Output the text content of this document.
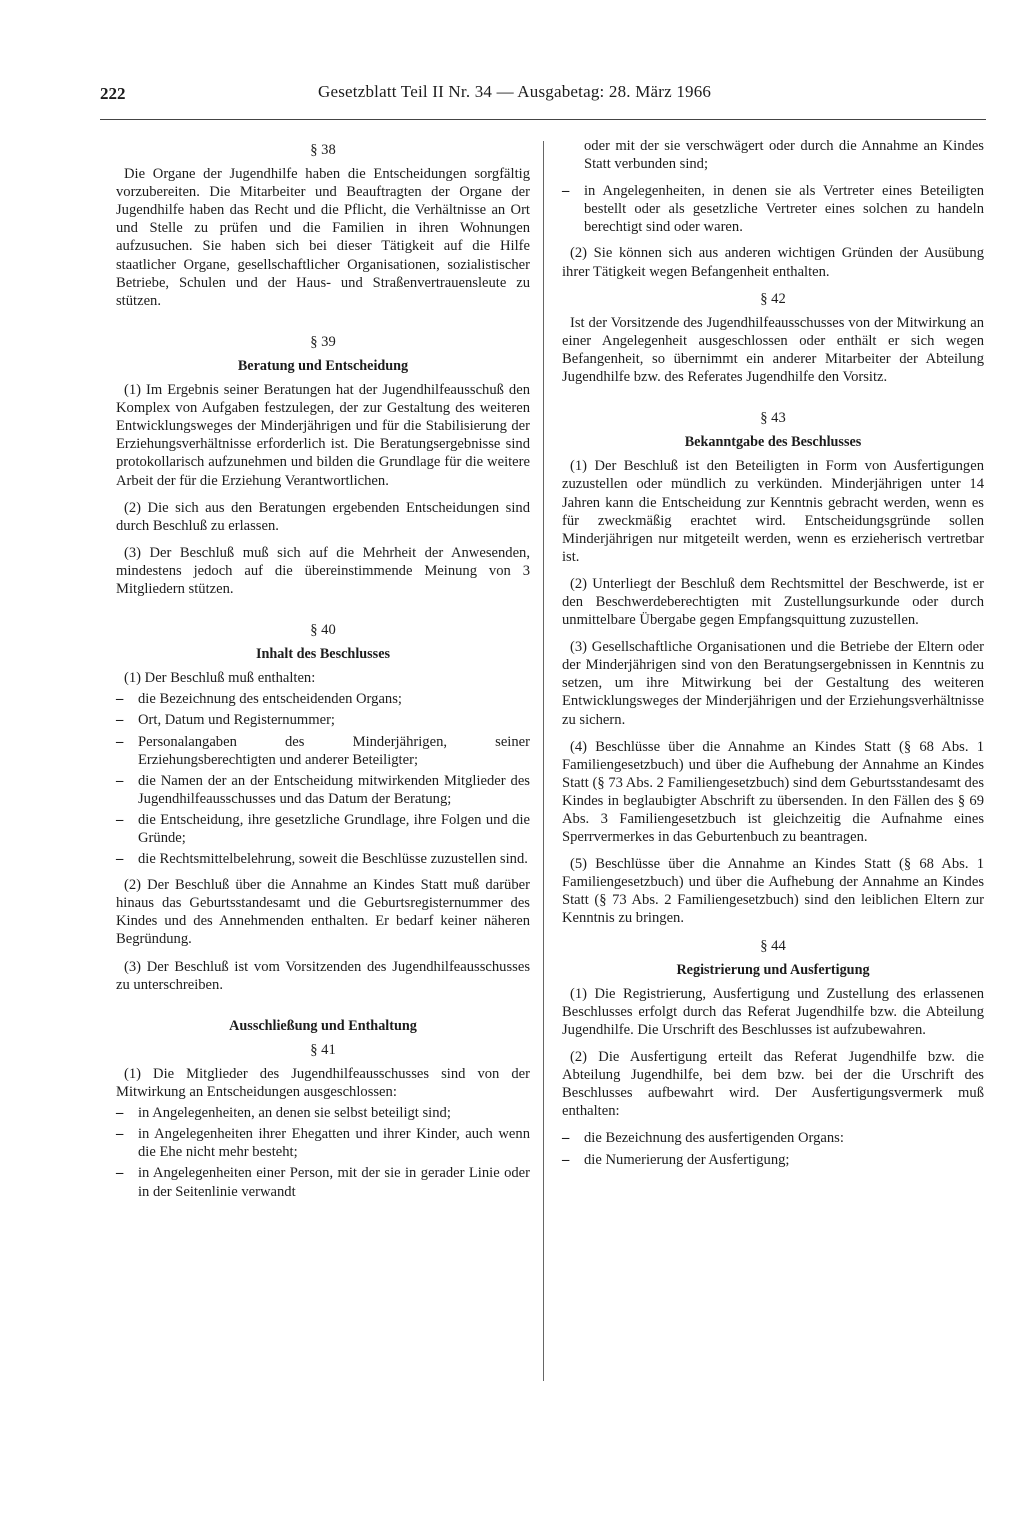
222	Gesetzblatt Teil II Nr. 34 — Ausgabetag: 28. März 1966
§ 38

Die Organe der Jugendhilfe haben die Entscheidungen sorgfältig vorzubereiten. Die Mitarbeiter und Beauftragten der Organe der Jugendhilfe haben das Recht und die Pflicht, die Verhältnisse an Ort und Stelle zu prüfen und die Familien in ihren Wohnungen aufzusuchen. Sie haben sich bei dieser Tätigkeit auf die Hilfe staatlicher Organe, gesellschaftlicher Organisationen, sozialistischer Betriebe, Schulen und der Haus- und Straßenvertrauensleute zu stützen.

§ 39
Beratung und Entscheidung

(1) Im Ergebnis seiner Beratungen hat der Jugendhilfeausschuß den Komplex von Aufgaben festzulegen, der zur Gestaltung des weiteren Entwicklungsweges der Minderjährigen und für die Stabilisierung der Erziehungsverhältnisse erforderlich ist. Die Beratungsergebnisse sind protokollarisch aufzunehmen und bilden die Grundlage für die weitere Arbeit der für die Erziehung Verantwortlichen.

(2) Die sich aus den Beratungen ergebenden Entscheidungen sind durch Beschluß zu erlassen.

(3) Der Beschluß muß sich auf die Mehrheit der Anwesenden, mindestens jedoch auf die übereinstimmende Meinung von 3 Mitgliedern stützen.

§ 40
Inhalt des Beschlusses

(1) Der Beschluß muß enthalten:

– die Bezeichnung des entscheidenden Organs;
– Ort, Datum und Registernummer;
– Personalangaben des Minderjährigen, seiner Erziehungsberechtigten und anderer Beteiligter;
– die Namen der an der Entscheidung mitwirkenden Mitglieder des Jugendhilfeausschusses und das Datum der Beratung;
– die Entscheidung, ihre gesetzliche Grundlage, ihre Folgen und die Gründe;
– die Rechtsmittelbelehrung, soweit die Beschlüsse zuzustellen sind.

(2) Der Beschluß über die Annahme an Kindes Statt muß darüber hinaus das Geburtsstandesamt und die Geburtsregisternummer des Kindes und des Annehmenden enthalten. Er bedarf keiner näheren Begründung.

(3) Der Beschluß ist vom Vorsitzenden des Jugendhilfeausschusses zu unterschreiben.

Ausschließung und Enthaltung
§ 41

(1) Die Mitglieder des Jugendhilfeausschusses sind von der Mitwirkung an Entscheidungen ausgeschlossen:

– in Angelegenheiten, an denen sie selbst beteiligt sind;
– in Angelegenheiten ihrer Ehegatten und ihrer Kinder, auch wenn die Ehe nicht mehr besteht;
– in Angelegenheiten einer Person, mit der sie in gerader Linie oder in der Seitenlinie verwandt

oder mit der sie verschwägert oder durch die Annahme an Kindes Statt verbunden sind;

– in Angelegenheiten, in denen sie als Vertreter eines Beteiligten bestellt oder als gesetzliche Vertreter eines solchen zu handeln berechtigt sind oder waren.

(2) Sie können sich aus anderen wichtigen Gründen der Ausübung ihrer Tätigkeit wegen Befangenheit enthalten.

§ 42

Ist der Vorsitzende des Jugendhilfeausschusses von der Mitwirkung an einer Angelegenheit ausgeschlossen oder enthält er sich wegen Befangenheit, so übernimmt ein anderer Mitarbeiter der Abteilung Jugendhilfe bzw. des Referates Jugendhilfe den Vorsitz.

§ 43
Bekanntgabe des Beschlusses

(1) Der Beschluß ist den Beteiligten in Form von Ausfertigungen zuzustellen oder mündlich zu verkünden. Minderjährigen unter 14 Jahren kann die Entscheidung zur Kenntnis gebracht werden, wenn es für zweckmäßig erachtet wird. Entscheidungsgründe sollen Minderjährigen nur mitgeteilt werden, wenn es erzieherisch vertretbar ist.

(2) Unterliegt der Beschluß dem Rechtsmittel der Beschwerde, ist er den Beschwerdeberechtigten mit Zustellungsurkunde oder durch unmittelbare Übergabe gegen Empfangsquittung zuzustellen.

(3) Gesellschaftliche Organisationen und die Betriebe der Eltern oder der Minderjährigen sind von den Beratungsergebnissen in Kenntnis zu setzen, um ihre Mitwirkung bei der Gestaltung des weiteren Entwicklungsweges der Minderjährigen und der Erziehungsverhältnisse zu sichern.

(4) Beschlüsse über die Annahme an Kindes Statt (§ 68 Abs. 1 Familiengesetzbuch) und über die Aufhebung der Annahme an Kindes Statt (§ 73 Abs. 2 Familiengesetzbuch) sind dem Geburtsstandesamt des Kindes in beglaubigter Abschrift zu übersenden. In den Fällen des § 69 Abs. 3 Familiengesetzbuch ist gleichzeitig die Aufnahme eines Sperrvermerkes in das Geburtenbuch zu beantragen.

(5) Beschlüsse über die Annahme an Kindes Statt (§ 68 Abs. 1 Familiengesetzbuch) und über die Aufhebung der Annahme an Kindes Statt (§ 73 Abs. 2 Familiengesetzbuch) sind den leiblichen Eltern zur Kenntnis zu bringen.

§ 44
Registrierung und Ausfertigung

(1) Die Registrierung, Ausfertigung und Zustellung des erlassenen Beschlusses erfolgt durch das Referat Jugendhilfe bzw. die Abteilung Jugendhilfe. Die Urschrift des Beschlusses ist aufzubewahren.

(2) Die Ausfertigung erteilt das Referat Jugendhilfe bzw. die Abteilung Jugendhilfe, bei dem bzw. bei der die Urschrift des Beschlusses aufbewahrt wird. Der Ausfertigungsvermerk muß enthalten:

– die Bezeichnung des ausfertigenden Organs:
– die Numerierung der Ausfertigung;
